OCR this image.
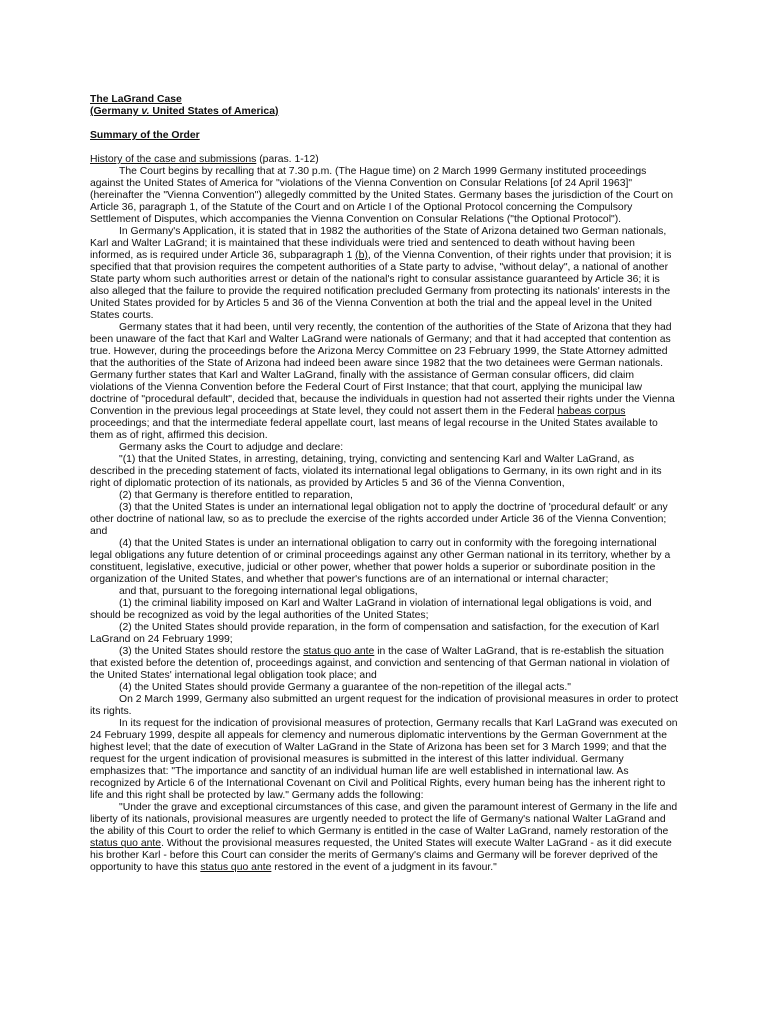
The LaGrand Case
(Germany v. United States of America)
Summary of the Order
History of the case and submissions (paras. 1-12)

The Court begins by recalling that at 7.30 p.m. (The Hague time) on 2 March 1999 Germany instituted proceedings against the United States of America for "violations of the Vienna Convention on Consular Relations [of 24 April 1963]" (hereinafter the "Vienna Convention") allegedly committed by the United States. Germany bases the jurisdiction of the Court on Article 36, paragraph 1, of the Statute of the Court and on Article I of the Optional Protocol concerning the Compulsory Settlement of Disputes, which accompanies the Vienna Convention on Consular Relations ("the Optional Protocol").

In Germany's Application, it is stated that in 1982 the authorities of the State of Arizona detained two German nationals, Karl and Walter LaGrand; it is maintained that these individuals were tried and sentenced to death without having been informed, as is required under Article 36, subparagraph 1 (b), of the Vienna Convention, of their rights under that provision; it is specified that that provision requires the competent authorities of a State party to advise, "without delay", a national of another State party whom such authorities arrest or detain of the national's right to consular assistance guaranteed by Article 36; it is also alleged that the failure to provide the required notification precluded Germany from protecting its nationals' interests in the United States provided for by Articles 5 and 36 of the Vienna Convention at both the trial and the appeal level in the United States courts.

Germany states that it had been, until very recently, the contention of the authorities of the State of Arizona that they had been unaware of the fact that Karl and Walter LaGrand were nationals of Germany; and that it had accepted that contention as true. However, during the proceedings before the Arizona Mercy Committee on 23 February 1999, the State Attorney admitted that the authorities of the State of Arizona had indeed been aware since 1982 that the two detainees were German nationals. Germany further states that Karl and Walter LaGrand, finally with the assistance of German consular officers, did claim violations of the Vienna Convention before the Federal Court of First Instance; that that court, applying the municipal law doctrine of "procedural default", decided that, because the individuals in question had not asserted their rights under the Vienna Convention in the previous legal proceedings at State level, they could not assert them in the Federal habeas corpus proceedings; and that the intermediate federal appellate court, last means of legal recourse in the United States available to them as of right, affirmed this decision.

Germany asks the Court to adjudge and declare:

"(1) that the United States, in arresting, detaining, trying, convicting and sentencing Karl and Walter LaGrand, as described in the preceding statement of facts, violated its international legal obligations to Germany, in its own right and in its right of diplomatic protection of its nationals, as provided by Articles 5 and 36 of the Vienna Convention,

(2) that Germany is therefore entitled to reparation,

(3) that the United States is under an international legal obligation not to apply the doctrine of 'procedural default' or any other doctrine of national law, so as to preclude the exercise of the rights accorded under Article 36 of the Vienna Convention; and

(4) that the United States is under an international obligation to carry out in conformity with the foregoing international legal obligations any future detention of or criminal proceedings against any other German national in its territory, whether by a constituent, legislative, executive, judicial or other power, whether that power holds a superior or subordinate position in the organization of the United States, and whether that power's functions are of an international or internal character;

and that, pursuant to the foregoing international legal obligations,

(1) the criminal liability imposed on Karl and Walter LaGrand in violation of international legal obligations is void, and should be recognized as void by the legal authorities of the United States;

(2) the United States should provide reparation, in the form of compensation and satisfaction, for the execution of Karl LaGrand on 24 February 1999;

(3) the United States should restore the status quo ante in the case of Walter LaGrand, that is re-establish the situation that existed before the detention of, proceedings against, and conviction and sentencing of that German national in violation of the United States' international legal obligation took place; and

(4) the United States should provide Germany a guarantee of the non-repetition of the illegal acts."

On 2 March 1999, Germany also submitted an urgent request for the indication of provisional measures in order to protect its rights.

In its request for the indication of provisional measures of protection, Germany recalls that Karl LaGrand was executed on 24 February 1999, despite all appeals for clemency and numerous diplomatic interventions by the German Government at the highest level; that the date of execution of Walter LaGrand in the State of Arizona has been set for 3 March 1999; and that the request for the urgent indication of provisional measures is submitted in the interest of this latter individual. Germany emphasizes that: "The importance and sanctity of an individual human life are well established in international law. As recognized by Article 6 of the International Covenant on Civil and Political Rights, every human being has the inherent right to life and this right shall be protected by law." Germany adds the following:

"Under the grave and exceptional circumstances of this case, and given the paramount interest of Germany in the life and liberty of its nationals, provisional measures are urgently needed to protect the life of Germany's national Walter LaGrand and the ability of this Court to order the relief to which Germany is entitled in the case of Walter LaGrand, namely restoration of the status quo ante. Without the provisional measures requested, the United States will execute Walter LaGrand - as it did execute his brother Karl - before this Court can consider the merits of Germany's claims and Germany will be forever deprived of the opportunity to have this status quo ante restored in the event of a judgment in its favour."
